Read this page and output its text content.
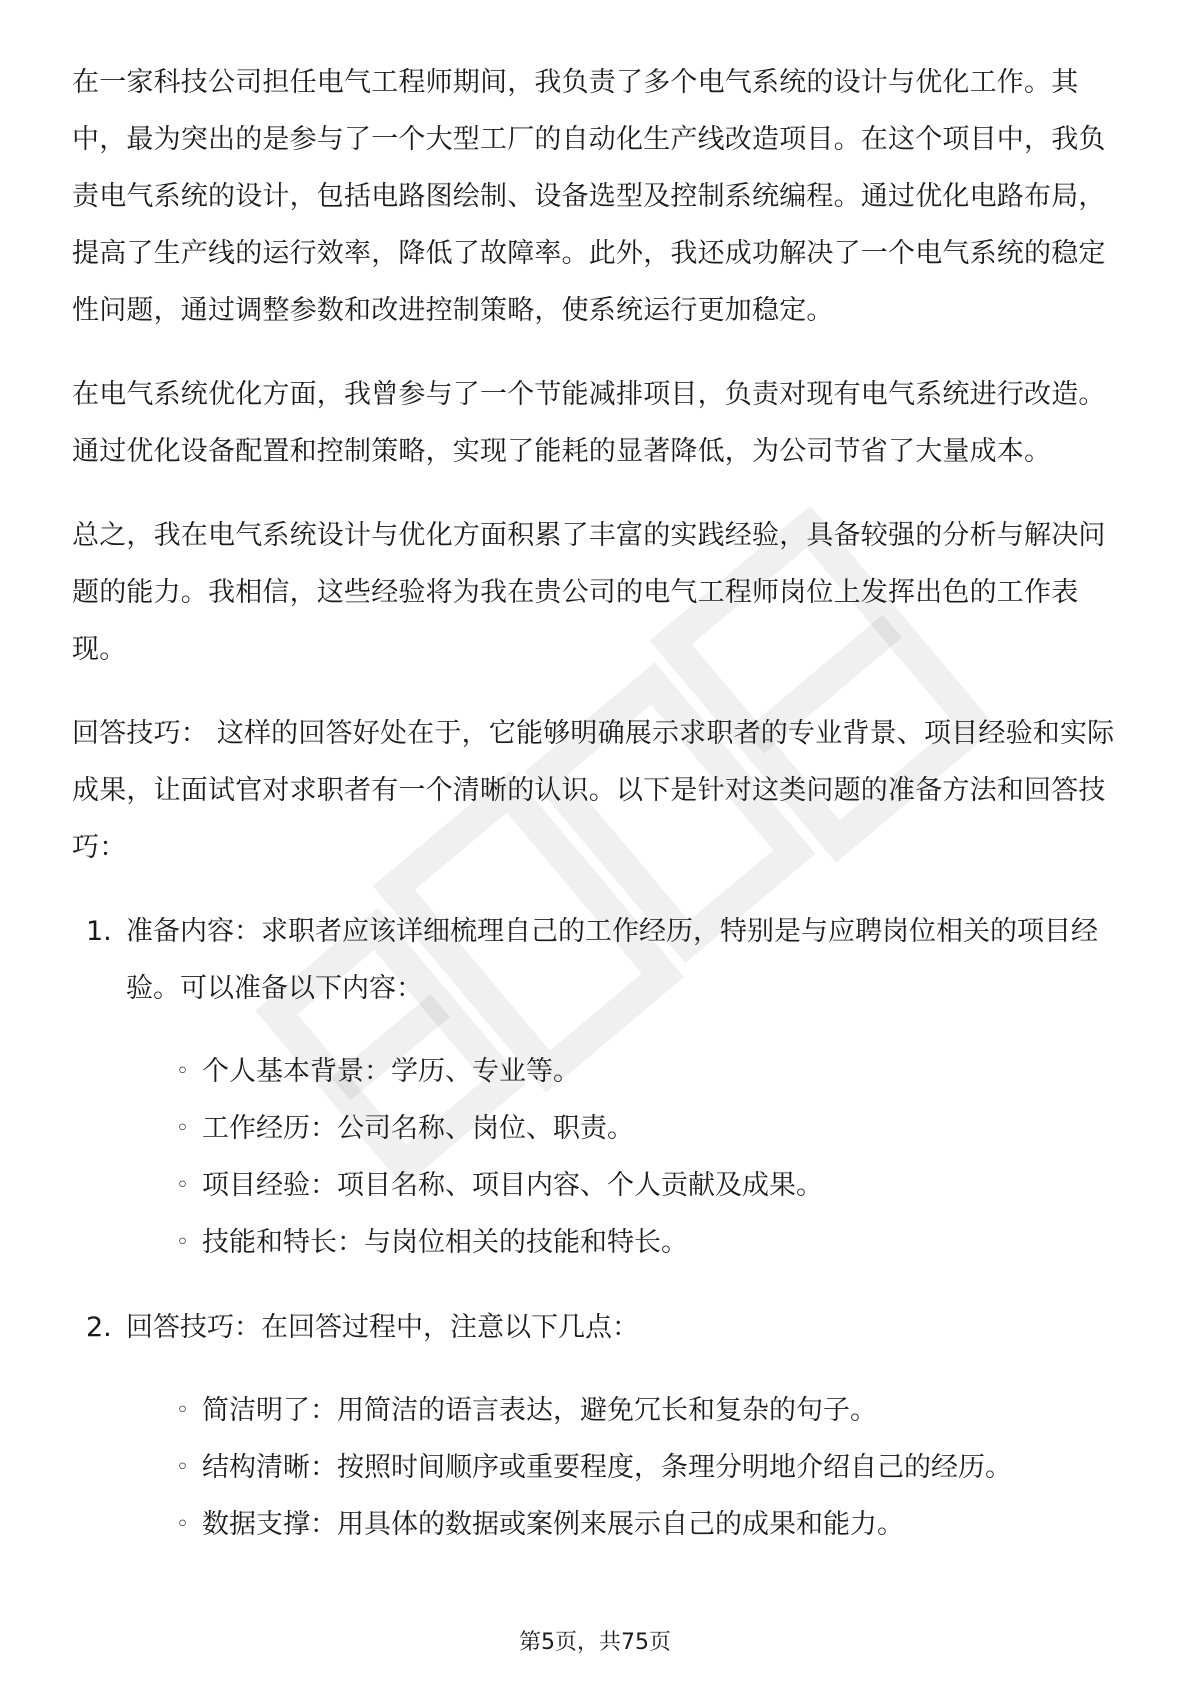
在一家科技公司担任电气工程师期间，我负责了多个电气系统的设计与优化工作。其中，最为突出的是参与了一个大型工厂的自动化生产线改造项目。在这个项目中，我负责电气系统的设计，包括电路图绘制、设备选型及控制系统编程。通过优化电路布局，提高了生产线的运行效率，降低了故障率。此外，我还成功解决了一个电气系统的稳定性问题，通过调整参数和改进控制策略，使系统运行更加稳定。

在电气系统优化方面，我曾参与了一个节能减排项目，负责对现有电气系统进行改造。通过优化设备配置和控制策略，实现了能耗的显著降低，为公司节省了大量成本。

总之，我在电气系统设计与优化方面积累了丰富的实践经验，具备较强的分析与解决问题的能力。我相信，这些经验将为我在贵公司的电气工程师岗位上发挥出色的工作表现。

回答技巧： 这样的回答好处在于，它能够明确展示求职者的专业背景、项目经验和实际成果，让面试官对求职者有一个清晰的认识。以下是针对这类问题的准备方法和回答技巧：

1. 准备内容：求职者应该详细梳理自己的工作经历，特别是与应聘岗位相关的项目经验。可以准备以下内容：
◦ 个人基本背景：学历、专业等。
◦ 工作经历：公司名称、岗位、职责。
◦ 项目经验：项目名称、项目内容、个人贡献及成果。
◦ 技能和特长：与岗位相关的技能和特长。
2. 回答技巧：在回答过程中，注意以下几点：
◦ 简洁明了：用简洁的语言表达，避免冗长和复杂的句子。
◦ 结构清晰：按照时间顺序或重要程度，条理分明地介绍自己的经历。
◦ 数据支撑：用具体的数据或案例来展示自己的成果和能力。
第5页，共75页
